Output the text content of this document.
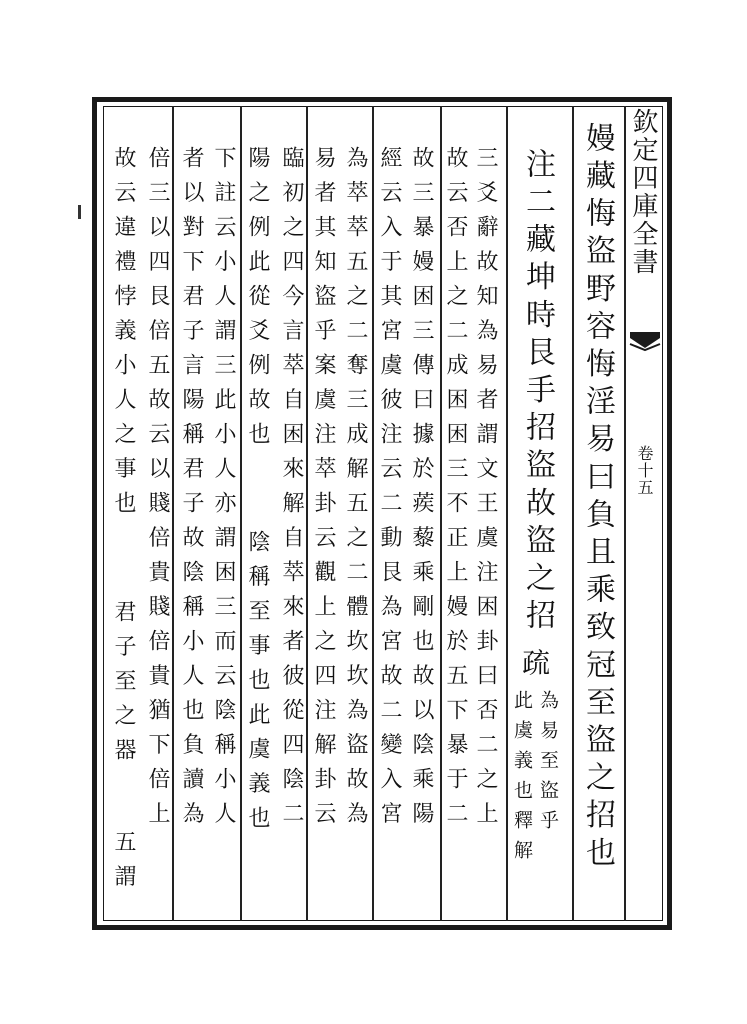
欽定四庫全書
卷十五
嫚藏悔盜野容悔淫易曰負且乘致冠至盜之招也
注二藏坤時艮手招盜故盜之招
疏
為易至盜乎
此虞義也釋解
三爻辭故知為易者謂文王虞注困卦曰否二之上
故云否上之二成困困三不正上嫚於五下暴于二
故三暴嫚困三傳曰據於蒺藜乘剛也故以陰乘陽
經云入于其宮虞彼注云二動艮為宮故二變入宮
為萃萃五之二奪三成解五之二體坎坎為盜故為
易者其知盜乎案虞注萃卦云觀上之四注解卦云
臨初之四今言萃自困來解自萃來者彼從四陰二
陽之例此從爻例故也
陰稱至事也此虞義也
下註云小人謂三此小人亦謂困三而云陰稱小人
者以對下君子言陽稱君子故陰稱小人也負讀為
倍三以四艮倍五故云以賤倍貴賤倍貴猶下倍上
故云違禮悖義小人之事也
君子至之器
五謂
